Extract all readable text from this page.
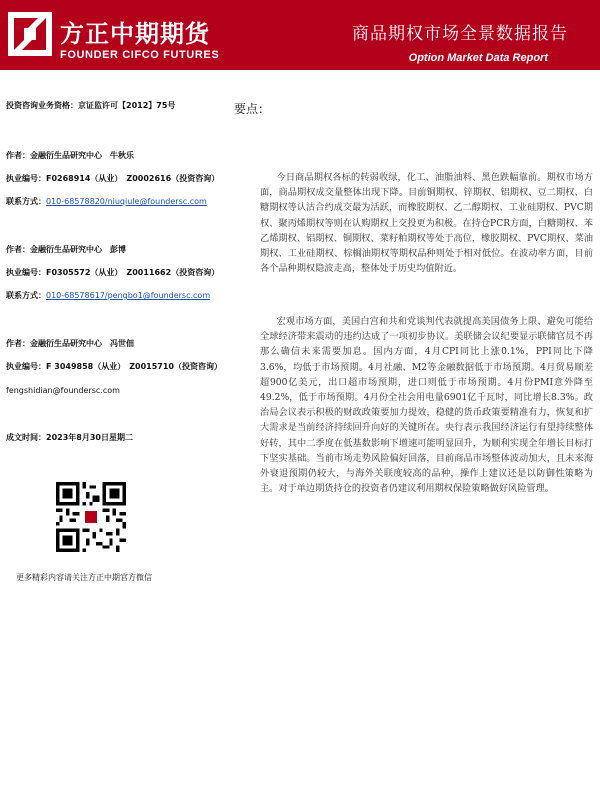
方正中期期货
FOUNDER CIFCO FUTURES
商品期权市场全景数据报告
Option Market Data Report
投资咨询业务资格：京证监许可【2012】75号
作者：金融衍生品研究中心　牛秋乐
执业编号：F0268914（从业）　Z0002616（投资咨询）
联系方式：010-68578820/niuqiule@foundersc.com
作者：金融衍生品研究中心　彭博
执业编号：F0305572（从业）　Z0011662（投资咨询）
联系方式：010-68578617/pengbo1@foundersc.com
作者：金融衍生品研究中心　冯世佃
执业编号：F 3049858（从业）　Z0015710（投资咨询）
fengshidian@foundersc.com
成文时间：2023年8月30日星期二
更多精彩内容请关注方正中期官方微信
要点：

今日商品期权各标的转弱收绿，化工、油脂油料、黑色跌幅靠前。期权市场方面，商品期权成交量整体出现下降。目前铜期权、锌期权、铝期权、豆二期权、白糖期权等认沽合约成交最为活跃，而橡胶期权、乙二醇期权、工业硅期权、PVC期权、聚丙烯期权等则在认购期权上交投更为积极。在持仓PCR方面，白糖期权、苯乙烯期权、铝期权、铜期权、菜籽粕期权等处于高位，橡胶期权、PVC期权、菜油期权、工业硅期权、棕榈油期权等期权品种则处于相对低位。在波动率方面，目前各个品种期权隐波走高，整体处于历史均值附近。

宏观市场方面，美国白宫和共和党谈判代表就提高美国债务上限、避免可能给全球经济带来震动的违约达成了一项初步协议。美联储会议纪要显示联储官员不再那么确信未来需要加息。国内方面，4月CPI同比上涨0.1%，PPI同比下降3.6%，均低于市场预期。4月社融、M2等金融数据低于市场预期。4月贸易顺差超900亿美元，出口超市场预期，进口则低于市场预期。4月份PMI意外降至49.2%，低于市场预期。4月份全社会用电量6901亿千瓦时，同比增长8.3%。政治局会议表示积极的财政政策要加力提效，稳健的货币政策要精准有力，恢复和扩大需求是当前经济持续回升向好的关键所在。央行表示我国经济运行有望持续整体好转，其中二季度在低基数影响下增速可能明显回升，为顺利实现全年增长目标打下坚实基础。当前市场走势风险偏好回落，目前商品市场整体波动加大，且未来海外衰退预期仍较大，与海外关联度较高的品种，操作上建议还是以防御性策略为主。对于单边期货持仓的投资者仍建议利用期权保险策略做好风险管理。
